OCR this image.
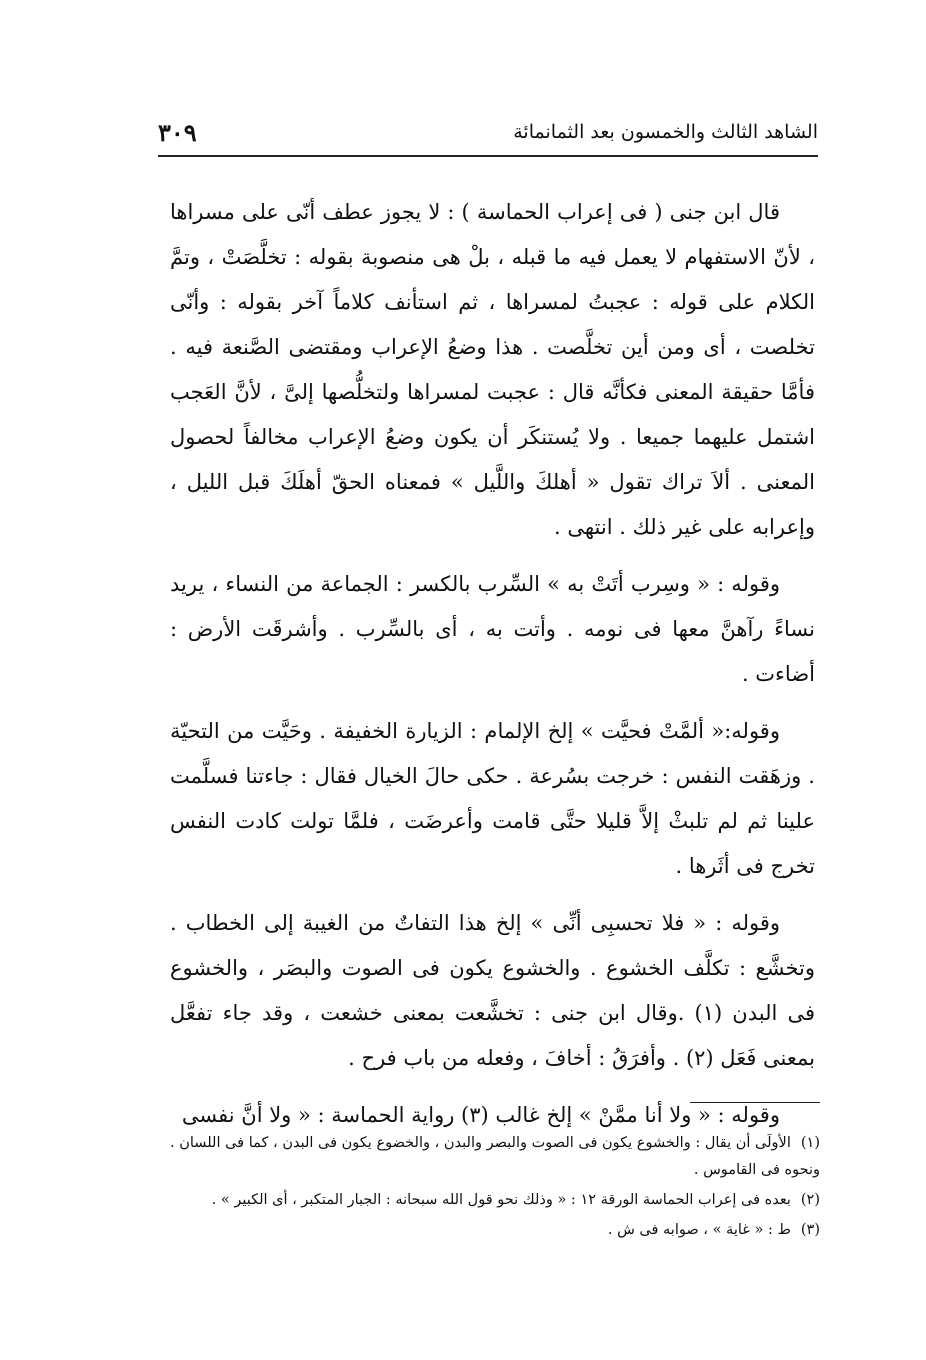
الشاهد الثالث والخمسون بعد الثمانمائة
٣٠٩

قال ابن جنى ( فى إعراب الحماسة ) : لا يجوز عطف أنّى على مسراها ، لأنّ الاستفهام لا يعمل فيه ما قبله ، بلْ هى منصوبة بقوله : تخلَّصَتْ ، وتمَّ الكلام على قوله : عجبتُ لمسراها ، ثم استأنف كلاماً آخر بقوله : وأنّى تخلصت ، أى ومن أين تخلَّصت . هذا وضعُ الإعراب ومقتضى الصَّنعة فيه . فأمَّا حقيقة المعنى فكأنَّه قال : عجبت لمسراها ولتخلُّصها إلىَّ ، لأنَّ العَجب اشتمل عليهما جميعا . ولا يُستنكَر أن يكون وضعُ الإعراب مخالفاً لحصول المعنى . ألاَ تراك تقول « أهلكَ واللَّيل » فمعناه الحقّ أهلَكَ قبل الليل ، وإعرابه على غير ذلك . انتهى .

وقوله : « وسِرب أتَتْ به » السِّرب بالكسر : الجماعة من النساء ، يريد نساءً رآهنَّ معها فى نومه . وأتت به ، أى بالسِّرب . وأشرقَت الأرض : أضاءت .

وقوله:« ألمَّتْ فحيَّت » إلخ الإلمام : الزيارة الخفيفة . وحَيَّت من التحيّة . وزهَقت النفس : خرجت بسُرعة . حكى حالَ الخيال فقال : جاءتنا فسلَّمت علينا ثم لم تلبثْ إلاَّ قليلا حتَّى قامت وأعرضَت ، فلمَّا تولت كادت النفس تخرج فى أثَرها .

وقوله : « فلا تحسبِى أنِّى » إلخ هذا التفاتٌ من الغيبة إلى الخطاب . وتخشَّع : تكلَّف الخشوع . والخشوع يكون فى الصوت والبصَر ، والخشوع فى البدن (١) .وقال ابن جنى : تخشَّعت بمعنى خشعت ، وقد جاء تفعَّل بمعنى فَعَل (٢) . وأفرَقُ : أخافَ ، وفعله من باب فرح .

وقوله : « ولا أنا ممَّنْ » إلخ غالب (٣) رواية الحماسة : « ولا أنَّ نفسى

(١)الأولَى أن يقال : والخشوع يكون فى الصوت والبصر والبدن ، والخضوع يكون فى البدن ، كما فى اللسان . ونحوه فى القاموس .

(٢)بعده فى إعراب الحماسة الورقة ١٢ : « وذلك نحو قول الله سبحانه : الجبار المتكبر ، أى الكبير » .

(٣)ط : « غاية » ، صوابه فى ش .
